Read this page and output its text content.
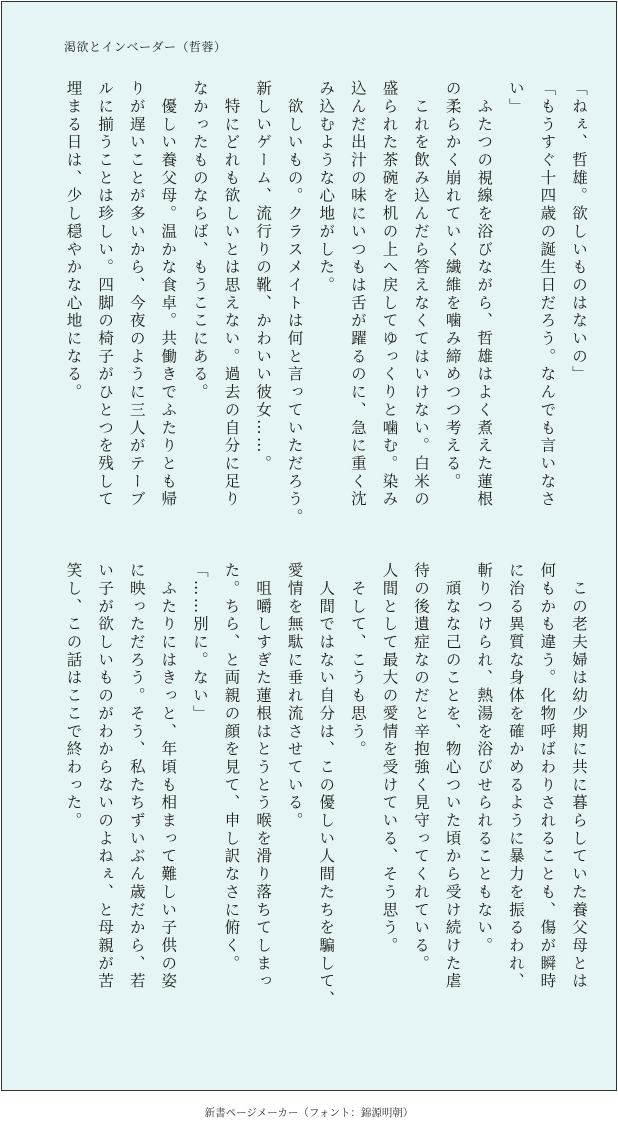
渇欲とインベーダー（哲蓉）
「ねぇ、哲雄。欲しいものはないの」
「もうすぐ十四歳の誕生日だろう。なんでも言いなさ
い」
　ふたつの視線を浴びながら、哲雄はよく煮えた蓮根
の柔らかく崩れていく繊維を噛み締めつつ考える。
　これを飲み込んだら答えなくてはいけない。白米の
盛られた茶碗を机の上へ戻してゆっくりと噛む。染み
込んだ出汁の味にいつもは舌が躍るのに、急に重く沈
み込むような心地がした。
　欲しいもの。クラスメイトは何と言っていただろう。
新しいゲーム、流行りの靴、かわいい彼女……。
　特にどれも欲しいとは思えない。過去の自分に足り
なかったものならば、もうここにある。
　優しい養父母。温かな食卓。共働きでふたりとも帰
りが遅いことが多いから、今夜のように三人がテーブ
ルに揃うことは珍しい。四脚の椅子がひとつを残して
埋まる日は、少し穏やかな心地になる。
　この老夫婦は幼少期に共に暮らしていた養父母とは
何もかも違う。化物呼ばわりされることも、傷が瞬時
に治る異質な身体を確かめるように暴力を振るわれ、
斬りつけられ、熱湯を浴びせられることもない。
　頑なな己のことを、物心ついた頃から受け続けた虐
待の後遺症なのだと辛抱強く見守ってくれている。
人間として最大の愛情を受けている、そう思う。
　そして、こうも思う。
　人間ではない自分は、この優しい人間たちを騙して、
愛情を無駄に垂れ流させている。
　咀嚼しすぎた蓮根はとうとう喉を滑り落ちてしまっ
た。ちら、と両親の顔を見て、申し訳なさに俯く。
「……別に。ない」
　ふたりにはきっと、年頃も相まって難しい子供の姿
に映っただろう。そう、私たちずいぶん歳だから、若
い子が欲しいものがわからないのよねぇ、と母親が苦
笑し、この話はここで終わった。
新書ページメーカー（フォント：錦源明朝）
